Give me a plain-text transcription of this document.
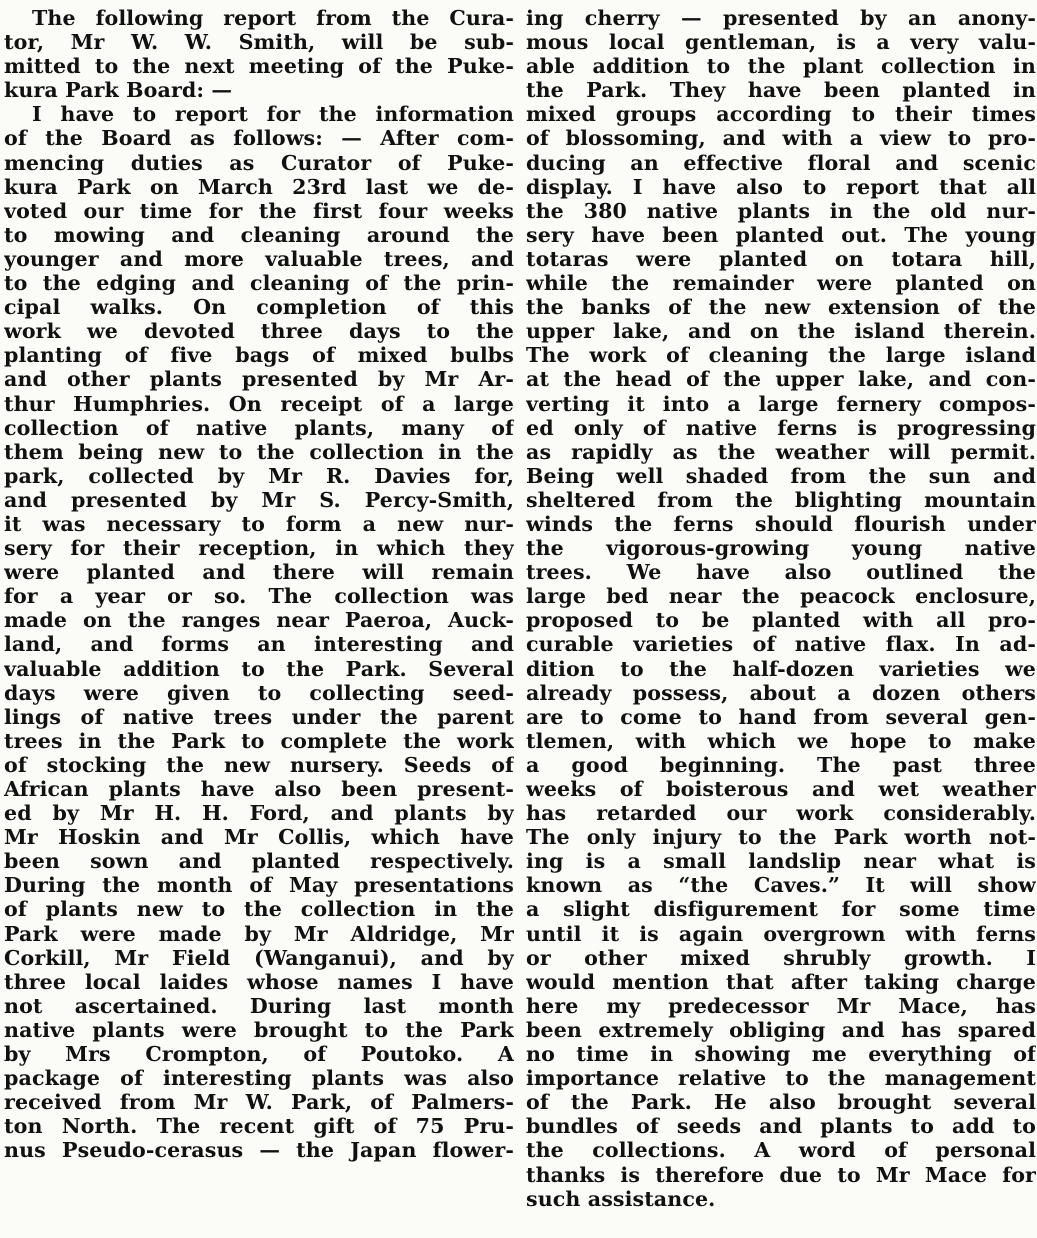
The following report from the Cura-
tor, Mr W. W. Smith, will be sub-
mitted to the next meeting of the Puke-
kura Park Board: —
I have to report for the information
of the Board as follows: — After com-
mencing duties as Curator of Puke-
kura Park on March 23rd last we de-
voted our time for the first four weeks
to mowing and cleaning around the
younger and more valuable trees, and
to the edging and cleaning of the prin-
cipal walks. On completion of this
work we devoted three days to the
planting of five bags of mixed bulbs
and other plants presented by Mr Ar-
thur Humphries. On receipt of a large
collection of native plants, many of
them being new to the collection in the
park, collected by Mr R. Davies for,
and presented by Mr S. Percy-Smith,
it was necessary to form a new nur-
sery for their reception, in which they
were planted and there will remain
for a year or so. The collection was
made on the ranges near Paeroa, Auck-
land, and forms an interesting and
valuable addition to the Park. Several
days were given to collecting seed-
lings of native trees under the parent
trees in the Park to complete the work
of stocking the new nursery. Seeds of
African plants have also been present-
ed by Mr H. H. Ford, and plants by
Mr Hoskin and Mr Collis, which have
been sown and planted respectively.
During the month of May presentations
of plants new to the collection in the
Park were made by Mr Aldridge, Mr
Corkill, Mr Field (Wanganui), and by
three local laides whose names I have
not ascertained. During last month
native plants were brought to the Park
by Mrs Crompton, of Poutoko. A
package of interesting plants was also
received from Mr W. Park, of Palmers-
ton North. The recent gift of 75 Pru-
nus Pseudo-cerasus — the Japan flower-
ing cherry — presented by an anony-
mous local gentleman, is a very valu-
able addition to the plant collection in
the Park. They have been planted in
mixed groups according to their times
of blossoming, and with a view to pro-
ducing an effective floral and scenic
display. I have also to report that all
the 380 native plants in the old nur-
sery have been planted out. The young
totaras were planted on totara hill,
while the remainder were planted on
the banks of the new extension of the
upper lake, and on the island therein.
The work of cleaning the large island
at the head of the upper lake, and con-
verting it into a large fernery compos-
ed only of native ferns is progressing
as rapidly as the weather will permit.
Being well shaded from the sun and
sheltered from the blighting mountain
winds the ferns should flourish under
the vigorous-growing young native
trees. We have also outlined the
large bed near the peacock enclosure,
proposed to be planted with all pro-
curable varieties of native flax. In ad-
dition to the half-dozen varieties we
already possess, about a dozen others
are to come to hand from several gen-
tlemen, with which we hope to make
a good beginning. The past three
weeks of boisterous and wet weather
has retarded our work considerably.
The only injury to the Park worth not-
ing is a small landslip near what is
known as “the Caves.” It will show
a slight disfigurement for some time
until it is again overgrown with ferns
or other mixed shrubly growth. I
would mention that after taking charge
here my predecessor Mr Mace, has
been extremely obliging and has spared
no time in showing me everything of
importance relative to the management
of the Park. He also brought several
bundles of seeds and plants to add to
the collections. A word of personal
thanks is therefore due to Mr Mace for
such assistance.
